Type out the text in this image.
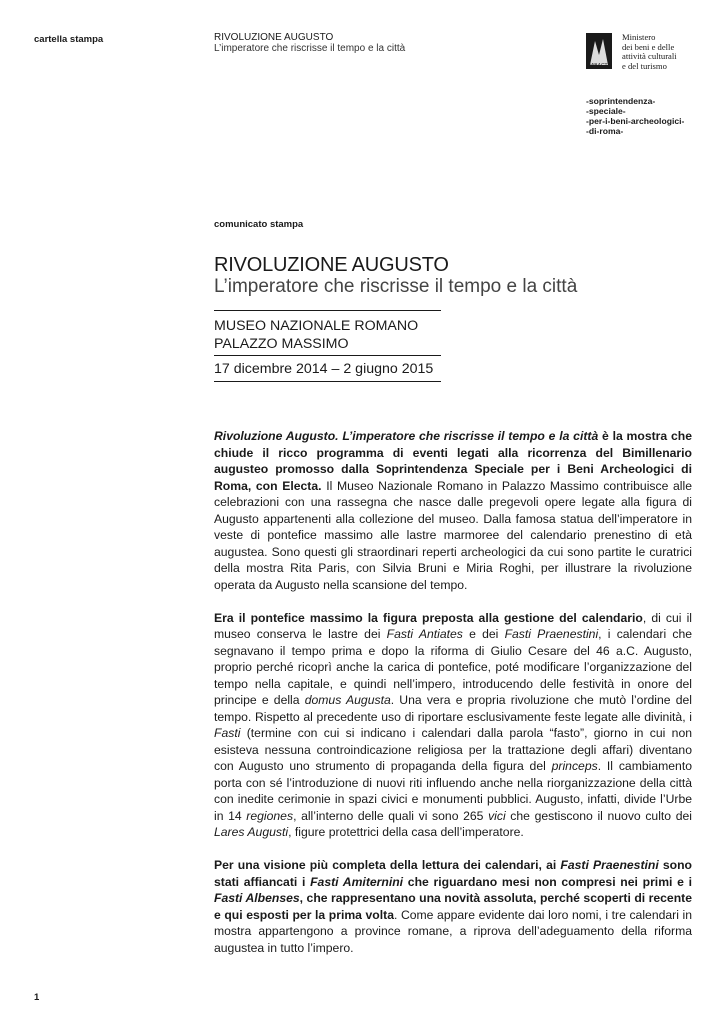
cartella stampa	RIVOLUZIONE AUGUSTO
L’imperatore che riscrisse il tempo e la città
MiBACT
Ministero
dei beni e delle
attività culturali
e del turismo
-soprintendenza-
-speciale-
-per-i-beni-archeologici-
-di-roma-
comunicato stampa
RIVOLUZIONE AUGUSTO
L’imperatore che riscrisse il tempo e la città
MUSEO NAZIONALE ROMANO
PALAZZO MASSIMO
17 dicembre 2014 – 2 giugno 2015

Rivoluzione Augusto. L’imperatore che riscrisse il tempo e la città è la mostra che chiude il ricco programma di eventi legati alla ricorrenza del Bimillenario augusteo promosso dalla Soprintendenza Speciale per i Beni Archeologici di Roma, con Electa. Il Museo Nazionale Romano in Palazzo Massimo contribuisce alle celebrazioni con una rassegna che nasce dalle pregevoli opere legate alla figura di Augusto appartenenti alla collezione del museo. Dalla famosa statua dell’imperatore in veste di pontefice massimo alle lastre marmoree del calendario prenestino di età augustea. Sono questi gli straordinari reperti archeologici da cui sono partite le curatrici della mostra Rita Paris, con Silvia Bruni e Miria Roghi, per illustrare la rivoluzione operata da Augusto nella scansione del tempo.

Era il pontefice massimo la figura preposta alla gestione del calendario, di cui il museo conserva le lastre dei Fasti Antiates e dei Fasti Praenestini, i calendari che segnavano il tempo prima e dopo la riforma di Giulio Cesare del 46 a.C. Augusto, proprio perché ricoprì anche la carica di pontefice, poté modificare l’organizzazione del tempo nella capitale, e quindi nell’impero, introducendo delle festività in onore del principe e della domus Augusta. Una vera e propria rivoluzione che mutò l’ordine del tempo. Rispetto al precedente uso di riportare esclusivamente feste legate alle divinità, i Fasti (termine con cui si indicano i calendari dalla parola “fasto”, giorno in cui non esisteva nessuna controindicazione religiosa per la trattazione degli affari) diventano con Augusto uno strumento di propaganda della figura del princeps. Il cambiamento porta con sé l’introduzione di nuovi riti influendo anche nella riorganizzazione della città con inedite cerimonie in spazi civici e monumenti pubblici. Augusto, infatti, divide l’Urbe in 14 regiones, all’interno delle quali vi sono 265 vici che gestiscono il nuovo culto dei Lares Augusti, figure protettrici della casa dell’imperatore.

Per una visione più completa della lettura dei calendari, ai Fasti Praenestini sono stati affiancati i Fasti Amiternini che riguardano mesi non compresi nei primi e i Fasti Albenses, che rappresentano una novità assoluta, perché scoperti di recente e qui esposti per la prima volta. Come appare evidente dai loro nomi, i tre calendari in mostra appartengono a province romane, a riprova dell’adeguamento della riforma augustea in tutto l’impero.

1
